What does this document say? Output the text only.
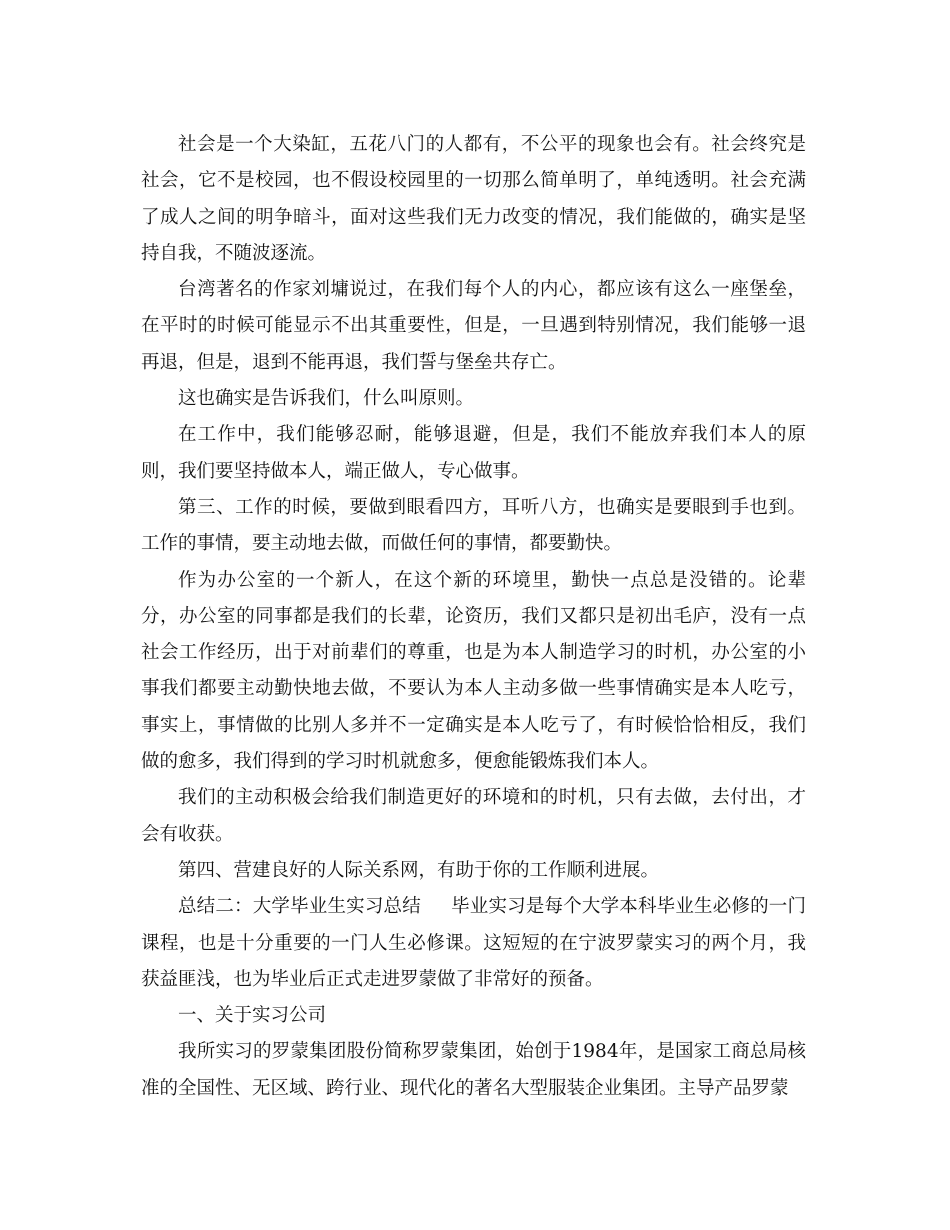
社会是一个大染缸，五花八门的人都有，不公平的现象也会有。社会终究是社会，它不是校园，也不假设校园里的一切那么简单明了，单纯透明。社会充满了成人之间的明争暗斗，面对这些我们无力改变的情况，我们能做的，确实是坚持自我，不随波逐流。

台湾著名的作家刘墉说过，在我们每个人的内心，都应该有这么一座堡垒，在平时的时候可能显示不出其重要性，但是，一旦遇到特别情况，我们能够一退再退，但是，退到不能再退，我们誓与堡垒共存亡。

这也确实是告诉我们，什么叫原则。

在工作中，我们能够忍耐，能够退避，但是，我们不能放弃我们本人的原则，我们要坚持做本人，端正做人，专心做事。

第三、工作的时候，要做到眼看四方，耳听八方，也确实是要眼到手也到。工作的事情，要主动地去做，而做任何的事情，都要勤快。

作为办公室的一个新人，在这个新的环境里，勤快一点总是没错的。论辈分，办公室的同事都是我们的长辈，论资历，我们又都只是初出毛庐，没有一点社会工作经历，出于对前辈们的尊重，也是为本人制造学习的时机，办公室的小事我们都要主动勤快地去做，不要认为本人主动多做一些事情确实是本人吃亏，事实上，事情做的比别人多并不一定确实是本人吃亏了，有时候恰恰相反，我们做的愈多，我们得到的学习时机就愈多，便愈能锻炼我们本人。

我们的主动积极会给我们制造更好的环境和的时机，只有去做，去付出，才会有收获。

第四、营建良好的人际关系网，有助于你的工作顺利进展。

总结二：大学毕业生实习总结 毕业实习是每个大学本科毕业生必修的一门课程，也是十分重要的一门人生必修课。这短短的在宁波罗蒙实习的两个月，我获益匪浅，也为毕业后正式走进罗蒙做了非常好的预备。

一、关于实习公司

我所实习的罗蒙集团股份简称罗蒙集团，始创于1984年，是国家工商总局核准的全国性、无区域、跨行业、现代化的著名大型服装企业集团。主导产品罗蒙
